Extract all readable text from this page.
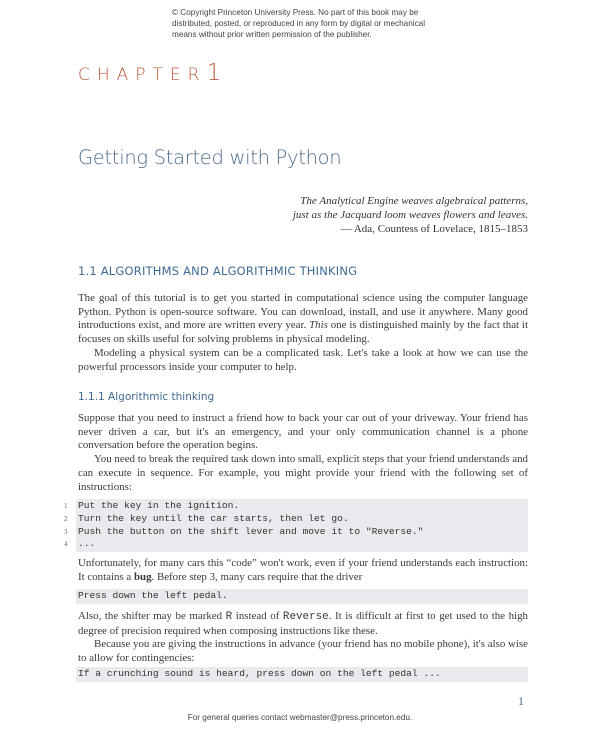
© Copyright Princeton University Press. No part of this book may be distributed, posted, or reproduced in any form by digital or mechanical means without prior written permission of the publisher.
CHAPTER1
Getting Started with Python
The Analytical Engine weaves algebraical patterns,
just as the Jacquard loom weaves flowers and leaves.
— Ada, Countess of Lovelace, 1815–1853
1.1 ALGORITHMS AND ALGORITHMIC THINKING

The goal of this tutorial is to get you started in computational science using the computer language Python. Python is open-source software. You can download, install, and use it anywhere. Many good introductions exist, and more are written every year. This one is distinguished mainly by the fact that it focuses on skills useful for solving problems in physical modeling.

Modeling a physical system can be a complicated task. Let's take a look at how we can use the powerful processors inside your computer to help.

1.1.1 Algorithmic thinking

Suppose that you need to instruct a friend how to back your car out of your driveway. Your friend has never driven a car, but it's an emergency, and your only communication channel is a phone conversation before the operation begins.

You need to break the required task down into small, explicit steps that your friend understands and can execute in sequence. For example, you might provide your friend with the following set of instructions:

1 Put the key in the ignition.
2 Turn the key until the car starts, then let go.
3 Push the button on the shift lever and move it to "Reverse."
4 ...

Unfortunately, for many cars this “code” won't work, even if your friend understands each instruction: It contains a bug. Before step 3, many cars require that the driver

Press down the left pedal.

Also, the shifter may be marked R instead of Reverse. It is difficult at first to get used to the high degree of precision required when composing instructions like these.

Because you are giving the instructions in advance (your friend has no mobile phone), it's also wise to allow for contingencies:

If a crunching sound is heard, press down on the left pedal ...
1
For general queries contact webmaster@press.princeton.edu.
